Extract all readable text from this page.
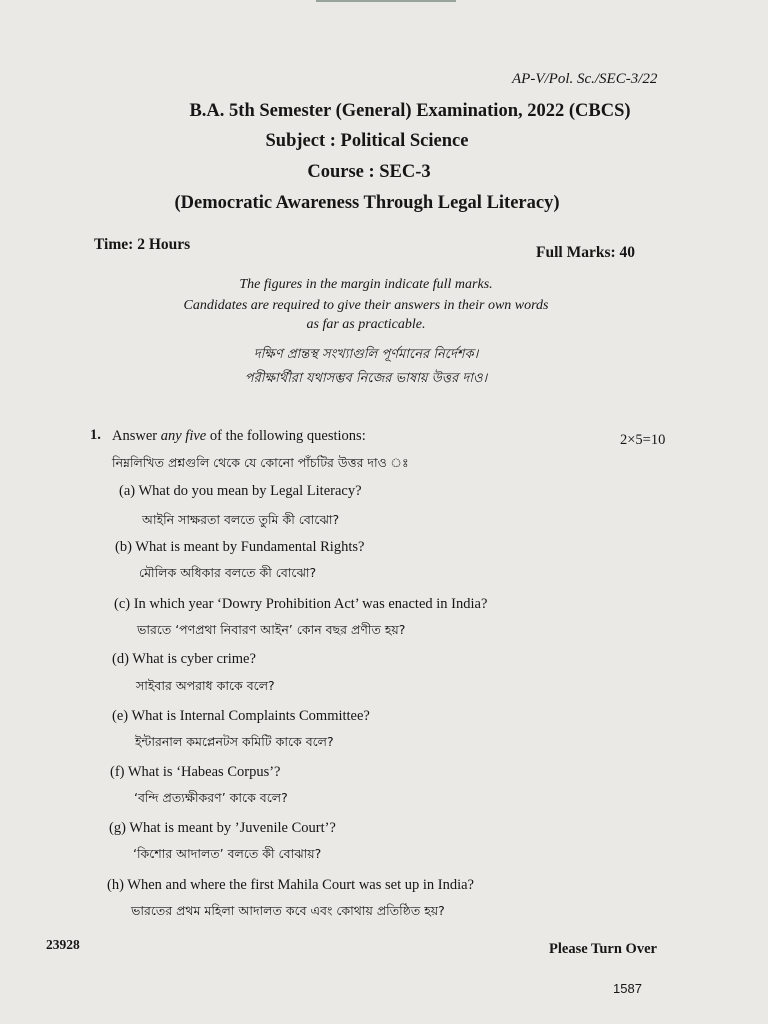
AP-V/Pol. Sc./SEC-3/22
B.A. 5th Semester (General) Examination, 2022 (CBCS)
Subject : Political Science
Course : SEC-3
(Democratic Awareness Through Legal Literacy)
Time: 2 Hours	Full Marks: 40
The figures in the margin indicate full marks.
Candidates are required to give their answers in their own words
as far as practicable.
দক্ষিণ প্রান্তস্থ সংখ্যাগুলি পূর্ণমানের নির্দেশক।
পরীক্ষার্থীরা যথাসম্ভব নিজের ভাষায় উত্তর দাও।
1. Answer any five of the following questions:	2×5=10
নিম্নলিখিত প্রশ্নগুলি থেকে যে কোনো পাঁচটির উত্তর দাও ঃ
(a) What do you mean by Legal Literacy?
আইনি সাক্ষরতা বলতে তুমি কী বোঝো?
(b) What is meant by Fundamental Rights?
মৌলিক অধিকার বলতে কী বোঝো?
(c) In which year ‘Dowry Prohibition Act’ was enacted in India?
ভারতে ‘পণপ্রথা নিবারণ আইন’ কোন বছর প্রণীত হয়?
(d) What is cyber crime?
সাইবার অপরাধ কাকে বলে?
(e) What is Internal Complaints Committee?
ইন্টারনাল কমপ্লেনটস কমিটি কাকে বলে?
(f) What is ‘Habeas Corpus’?
‘বন্দি প্রত্যক্ষীকরণ’ কাকে বলে?
(g) What is meant by ’Juvenile Court’?
‘কিশোর আদালত’ বলতে কী বোঝায়?
(h) When and where the first Mahila Court was set up in India?
ভারতের প্রথম মহিলা আদালত কবে এবং কোথায় প্রতিষ্ঠিত হয়?
23928	Please Turn Over
1587
